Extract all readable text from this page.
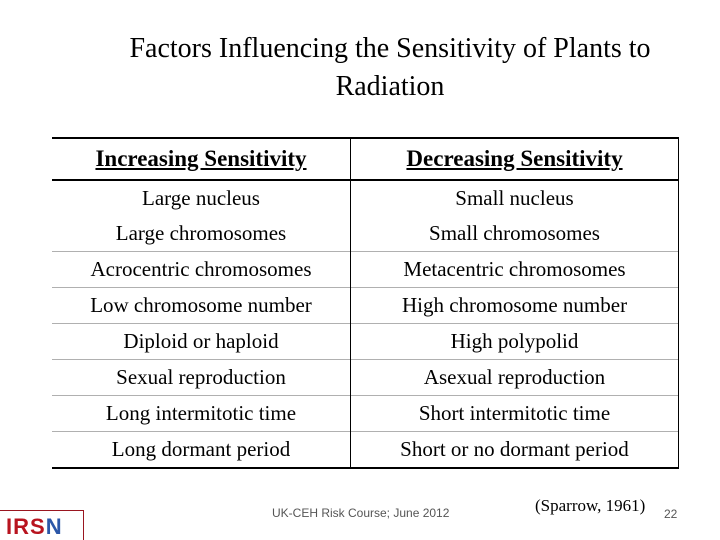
Factors Influencing the Sensitivity of Plants to
Radiation
Increasing Sensitivity	Decreasing Sensitivity
Large nucleus	Small nucleus
Large chromosomes	Small chromosomes
Acrocentric chromosomes	Metacentric chromosomes
Low chromosome number	High chromosome number
Diploid or haploid	High polypolid
Sexual reproduction	Asexual reproduction
Long intermitotic time	Short intermitotic time
Long dormant period	Short or no dormant period
IRSN
UK-CEH Risk Course; June 2012	(Sparrow, 1961) 22
